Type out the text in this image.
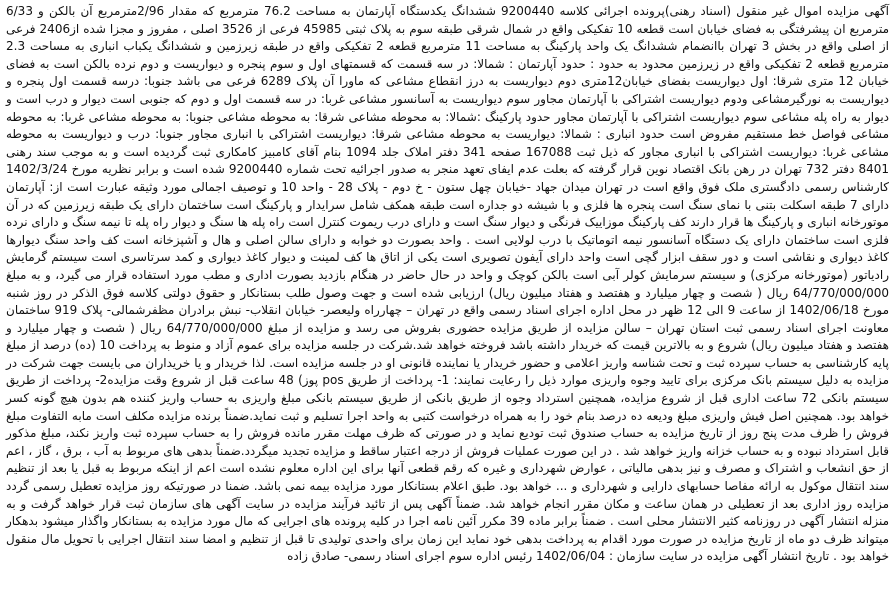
آگهی مزایده اموال غیر منقول (اسناد رهنی)پرونده اجرائی کلاسه 9200440 ششدانگ یکدستگاه آپارتمان به مساحت 76.2 مترمربع که مقدار 2/96مترمربع آن بالکن و 6/33 مترمربع ان پیشرفتگی به فضای خیابان است قطعه 10 تفکیکی واقع در شمال شرقی طبقه سوم به پلاک ثبتی 45985 فرعی از 3526 اصلی ، مفروز و مجزا شده از2406 فرعی از اصلی واقع در بخش 3 تهران باانضمام ششدانگ یک واحد پارکینگ به مساحت 11 مترمربع قطعه 2 تفکیکی واقع در طبقه زیرزمین و ششدانگ یکباب انباری به مساحت 2.3 مترمربع قطعه 2 تفکیکی واقع در زیرزمین محدود به حدود : حدود آپارتمان : شمالا: در سه قسمت که قسمتهای اول و سوم پنجره و دیواریست و دوم نرده بالکن است به فضای خیابان 12 متری شرقا: اول دیواریست بفضای خیابان12متری دوم دیواریست به درز انقطاع مشاعی که ماورا آن پلاک 6289 فرعی می باشد جنوبا: درسه قسمت اول پنجره و دیواریست به نورگیرمشاعی ودوم دیواریست اشتراکی با آپارتمان مجاور سوم دیواریست به آسانسور مشاعی غربا: در سه قسمت اول و دوم که جنوبی است دیوار و درب است و دیوار به راه پله مشاعی سوم دیواریست اشتراکی با آپارتمان مجاور حدود پارکینگ :شمالا: به محوطه مشاعی شرقا: به محوطه مشاعی جنوبا: به محوطه مشاعی غربا: به محوطه مشاعی فواصل خط مستقیم مفروض است حدود انباری : شمالا: دیواریست به محوطه مشاعی شرقا: دیواریست اشتراکی با انباری مجاور جنوبا: درب و دیواریست به محوطه مشاعی غربا: دیواریست اشتراکی با انباری مجاور که ذیل ثبت 167088 صفحه 341 دفتر املاک جلد 1094 بنام آقای کامبیز کامکاری ثبت گردیده است و به موجب سند رهنی 8401 دفتر 732 تهران در رهن بانک اقتصاد نوین قرار گرفته که بعلت عدم ایفای تعهد منجر به صدور اجرائیه تحت شماره 9200440 شده است و برابر نظریه مورخ 1402/3/24 کارشناس رسمی دادگستری ملک فوق واقع است در تهران میدان جهاد -خیابان چهل ستون - خ دوم - پلاک 28 - واحد 10 و توصیف اجمالی مورد وثیقه عبارت است از: آپارتمان دارای 7 طبقه اسکلت بتنی با نمای سنگ است پنجره ها فلزی و با شیشه دو جداره است طبقه همکف شامل سرایدار و پارکینگ است ساختمان دارای یک طبقه زیرزمین که در آن موتورخانه انباری و پارکینگ ها قرار دارند کف پارکینگ موزاییک فرنگی و دیوار سنگ است و دارای درب ریموت کنترل است راه پله ها سنگ و دیوار راه پله تا نیمه سنگ و دارای نرده فلزی است ساختمان دارای یک دستگاه آسانسور نیمه اتوماتیک با درب لولایی است . واحد بصورت دو خوابه و دارای سالن اصلی و هال و آشپزخانه است کف واحد سنگ دیوارها کاغذ دیواری و نقاشی است و دور سقف ابزار گچی است واحد دارای آیفون تصویری است یکی از اتاق ها کف لمینت و دیوار کاغذ دیواری و کمد سرتاسری است سیستم گرمایش رادیاتور (موتورخانه مرکزی) و سیستم سرمایش کولر آبی است بالکن کوچک و واحد در حال حاضر در هنگام بازدید بصورت اداری و مطب مورد استفاده قرار می گیرد، و به مبلغ 64/770/000/000 ریال ( شصت و چهار میلیارد و هفتصد و هفتاد میلیون ریال) ارزیابی شده است و جهت وصول طلب بستانکار و حقوق دولتی کلاسه فوق الذکر در روز شنبه مورخ 1402/06/18 از ساعت 9 الی 12 ظهر در محل اداره اجرای اسناد رسمی واقع در تهران – چهارراه ولیعصر- خیابان انقلاب- نبش برادران مظفرشمالی- پلاک 919 ساختمان معاونت اجرای اسناد رسمی ثبت استان تهران – سالن مزایده از طریق مزایده حضوری بفروش می رسد و مزایده از مبلغ 64/770/000/000 ریال ( شصت و چهار میلیارد و هفتصد و هفتاد میلیون ریال) شروع و به بالاترین قیمت که خریدار داشته باشد فروخته خواهد شد.شرکت در جلسه مزایده برای عموم آزاد و منوط به پرداخت 10 (ده) درصد از مبلغ پایه کارشناسی به حساب سپرده ثبت و تحت شناسه واریز اعلامی و حضور خریدار یا نماینده قانونی او در جلسه مزایده است. لذا خریدار و یا خریداران می بایست جهت شرکت در مزایده به دلیل سیستم بانک مرکزی برای تایید وجوه واریزی موارد ذیل را رعایت نمایند: 1- پرداخت از طریق pos پوز) 48 ساعت قبل از شروع وقت مزایده2- پرداخت از طریق سیستم بانکی 72 ساعت اداری قبل از شروع مزایده، همچنین استرداد وجوه از طریق بانکی از طریق سیستم بانکی مبلغ واریزی به حساب واریز کننده هم بدون هیچ گونه کسر خواهد بود. همچنین اصل فیش واریزی مبلغ ودیعه ده درصد بنام خود را به همراه درخواست کتبی به واحد اجرا تسلیم و ثبت نماید.ضمناً برنده مزایده مکلف است مابه التفاوت مبلغ فروش را ظرف مدت پنج روز از تاریخ مزایده به حساب صندوق ثبت تودیع نماید و در صورتی که ظرف مهلت مقرر مانده فروش را به حساب سپرده ثبت واریز نکند، مبلغ مذکور قابل استرداد نبوده و به حساب خزانه واریز خواهد شد . در این صورت عملیات فروش از درجه اعتبار ساقط و مزایده تجدید میگردد.ضمناً بدهی های مربوط به آب ، برق ، گاز ، اعم از حق انشعاب و اشتراک و مصرف و نیز بدهی مالیاتی ، عوارض شهرداری و غیره که رقم قطعی آنها برای این اداره معلوم نشده است اعم از اینکه مربوط به قبل یا بعد از تنظیم سند انتقال موکول به ارائه مفاصا حسابهای دارایی و شهرداری و ... خواهد بود. طبق اعلام بستانکار مورد مزایده بیمه نمی باشد. ضمنا در صورتیکه روز مزایده تعطیل رسمی گردد مزایده روز اداری بعد از تعطیلی در همان ساعت و مکان مقرر انجام خواهد شد. ضمناً آگهی پس از تائید فرآیند مزایده در سایت آگهی های سازمان ثبت قرار خواهد گرفت و به منزله انتشار آگهی در روزنامه کثیر الانتشار محلی است . ضمناً برابر ماده 39 مکرر آئین نامه اجرا در کلیه پرونده های اجرایی که مال مورد مزایده به بستانکار واگذار میشود بدهکار میتواند ظرف دو ماه از تاریخ مزایده در صورت مورد اقدام به پرداخت بدهی خود نماید این زمان برای واحدی تولیدی تا قبل از تنظیم و امضا سند انتقال اجرایی با تحویل مال منقول خواهد بود . تاریخ انتشار آگهی مزایده در سایت سازمان : 1402/06/04 رئیس اداره سوم اجرای اسناد رسمی- صادق زاده
